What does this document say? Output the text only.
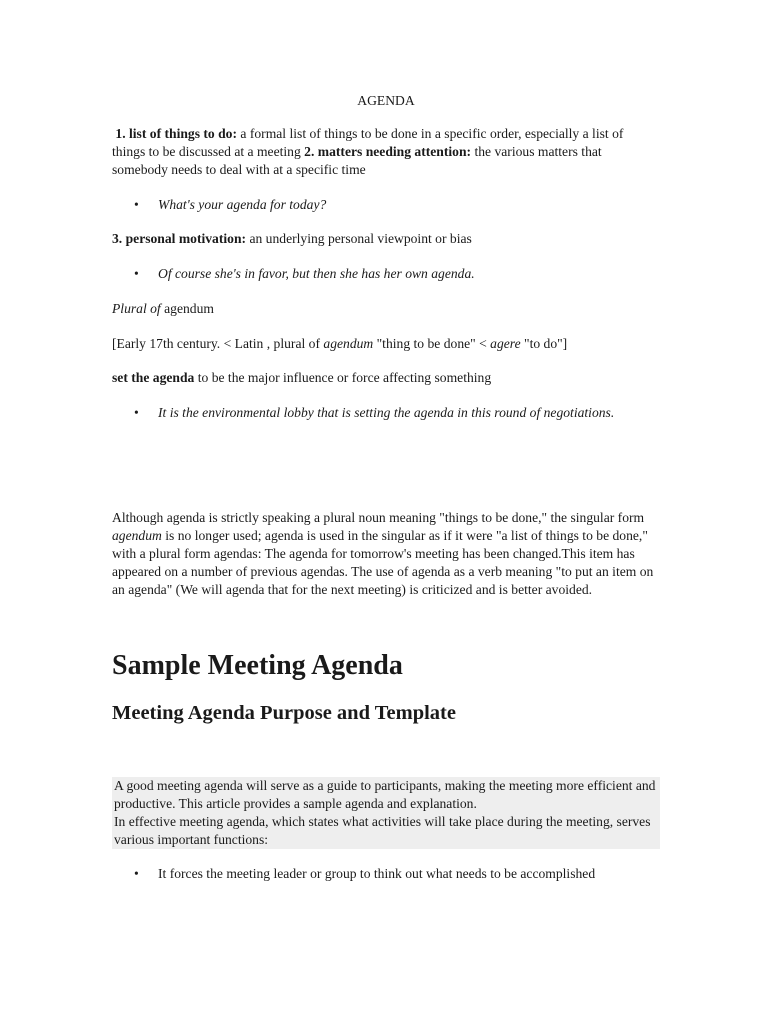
AGENDA

1. list of things to do: a formal list of things to be done in a specific order, especially a list of things to be discussed at a meeting 2. matters needing attention: the various matters that somebody needs to deal with at a specific time

• What's your agenda for today?

3. personal motivation: an underlying personal viewpoint or bias

• Of course she's in favor, but then she has her own agenda.

Plural of agendum

[Early 17th century. < Latin , plural of agendum "thing to be done" < agere "to do"]

set the agenda to be the major influence or force affecting something

• It is the environmental lobby that is setting the agenda in this round of negotiations.

Although agenda is strictly speaking a plural noun meaning "things to be done," the singular form agendum is no longer used; agenda is used in the singular as if it were "a list of things to be done," with a plural form agendas: The agenda for tomorrow's meeting has been changed.This item has appeared on a number of previous agendas. The use of agenda as a verb meaning "to put an item on an agenda" (We will agenda that for the next meeting) is criticized and is better avoided.

Sample Meeting Agenda
Meeting Agenda Purpose and Template
A good meeting agenda will serve as a guide to participants, making the meeting more efficient and productive. This article provides a sample agenda and explanation.
In effective meeting agenda, which states what activities will take place during the meeting, serves various important functions:

• It forces the meeting leader or group to think out what needs to be accomplished
